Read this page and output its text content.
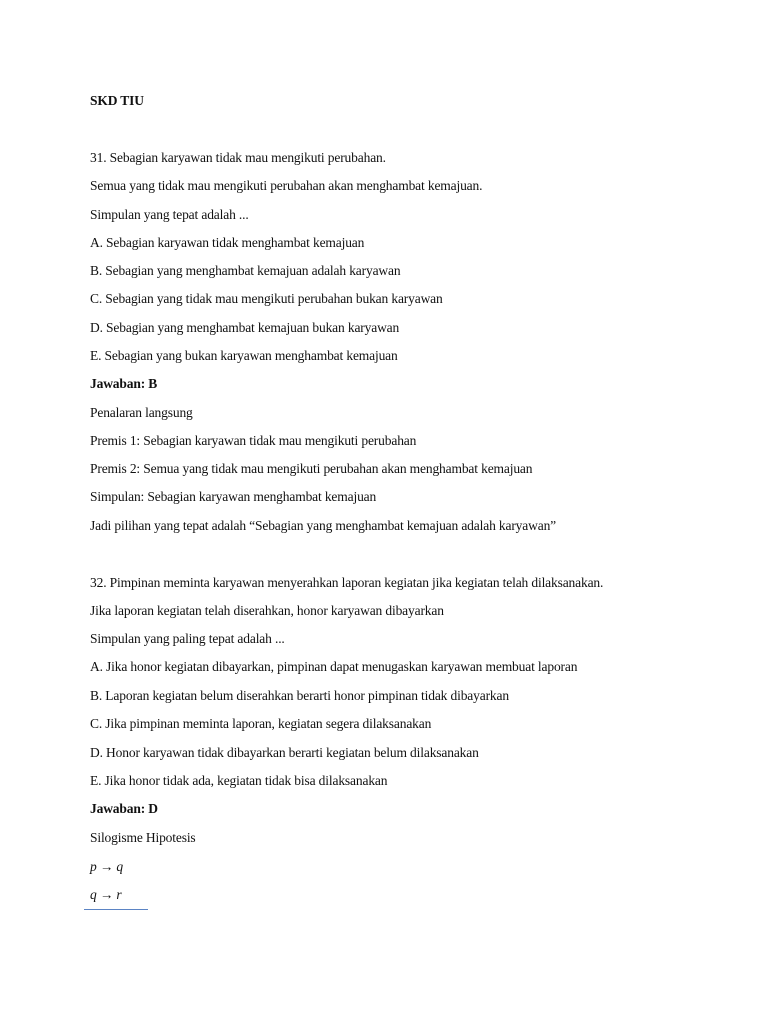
SKD TIU
31. Sebagian karyawan tidak mau mengikuti perubahan.
Semua yang tidak mau mengikuti perubahan akan menghambat kemajuan.
Simpulan yang tepat adalah ...
A. Sebagian karyawan tidak menghambat kemajuan
B. Sebagian yang menghambat kemajuan adalah karyawan
C. Sebagian yang tidak mau mengikuti perubahan bukan karyawan
D. Sebagian yang menghambat kemajuan bukan karyawan
E. Sebagian yang bukan karyawan menghambat kemajuan
Jawaban: B
Penalaran langsung
Premis 1: Sebagian karyawan tidak mau mengikuti perubahan
Premis 2: Semua yang tidak mau mengikuti perubahan akan menghambat kemajuan
Simpulan: Sebagian karyawan menghambat kemajuan
Jadi pilihan yang tepat adalah “Sebagian yang menghambat kemajuan adalah karyawan”
32. Pimpinan meminta karyawan menyerahkan laporan kegiatan jika kegiatan telah dilaksanakan.
Jika laporan kegiatan telah diserahkan, honor karyawan dibayarkan
Simpulan yang paling tepat adalah ...
A. Jika honor kegiatan dibayarkan, pimpinan dapat menugaskan karyawan membuat laporan
B. Laporan kegiatan belum diserahkan berarti honor pimpinan tidak dibayarkan
C. Jika pimpinan meminta laporan, kegiatan segera dilaksanakan
D. Honor karyawan tidak dibayarkan berarti kegiatan belum dilaksanakan
E. Jika honor tidak ada, kegiatan tidak bisa dilaksanakan
Jawaban: D
Silogisme Hipotesis
p → q
q → r
